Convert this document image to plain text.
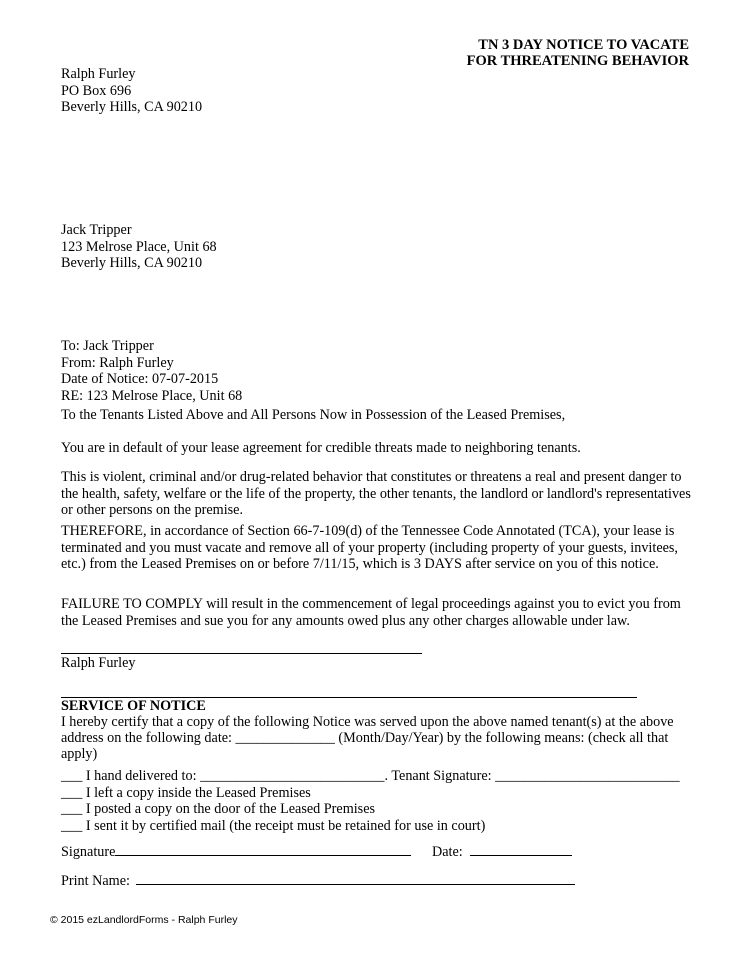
TN 3 DAY NOTICE TO VACATE
FOR THREATENING BEHAVIOR
Ralph Furley
PO Box 696
Beverly Hills, CA 90210
Jack Tripper
123 Melrose Place, Unit 68
Beverly Hills, CA 90210
To: Jack Tripper
From: Ralph Furley
Date of Notice: 07-07-2015
RE: 123 Melrose Place, Unit 68
To the Tenants Listed Above and All Persons Now in Possession of the Leased Premises,
You are in default of your lease agreement for credible threats made to neighboring tenants.
This is violent, criminal and/or drug-related behavior that constitutes or threatens a real and present danger to the health, safety, welfare or the life of the property, the other tenants, the landlord or landlord's representatives or other persons on the premise.
THEREFORE, in accordance of Section 66-7-109(d) of the Tennessee Code Annotated (TCA), your lease is terminated and you must vacate and remove all of your property (including property of your guests, invitees, etc.) from the Leased Premises on or before 7/11/15, which is 3 DAYS after service on you of this notice.
FAILURE TO COMPLY will result in the commencement of legal proceedings against you to evict you from the Leased Premises and sue you for any amounts owed plus any other charges allowable under law.
Ralph Furley
SERVICE OF NOTICE
I hereby certify that a copy of the following Notice was served upon the above named tenant(s) at the above
address on the following date: ______________ (Month/Day/Year) by the following means: (check all that
apply)
___ I hand delivered to: __________________________. Tenant Signature: __________________________
___ I left a copy inside the Leased Premises
___ I posted a copy on the door of the Leased Premises
___ I sent it by certified mail (the receipt must be retained for use in court)
Signature	Date:
Print Name:
© 2015 ezLandlordForms - Ralph Furley
